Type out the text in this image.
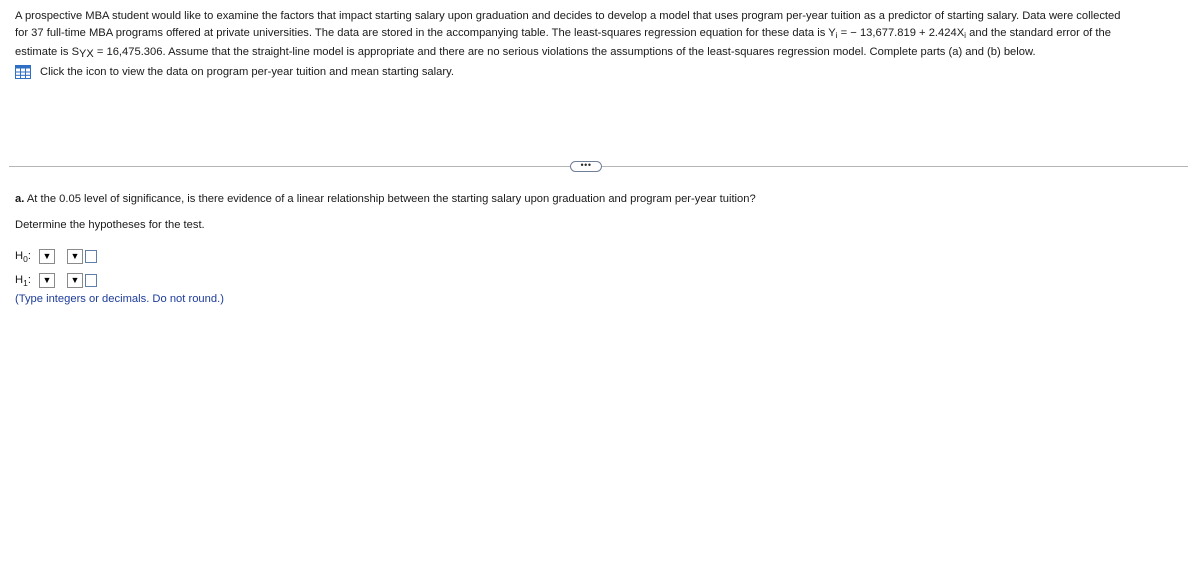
A prospective MBA student would like to examine the factors that impact starting salary upon graduation and decides to develop a model that uses program per-year tuition as a predictor of starting salary. Data were collected

for 37 full-time MBA programs offered at private universities. The data are stored in the accompanying table. The least-squares regression equation for these data is $Y_i$ = − $13,677.819 + 2.424X_i$ and the standard error of the

estimate is SYX = 16,475.306. Assume that the straight-line model is appropriate and there are no serious violations the assumptions of the least-squares regression model. Complete parts (a) and (b) below.

Click the icon to view the data on program per-year tuition and mean starting salary.
•••
a. At the 0.05 level of significance, is there evidence of a linear relationship between the starting salary upon graduation and program per-year tuition?
Determine the hypotheses for the test.
$H_0$:	▼ ▼
$H_1$:	▼ ▼
(Type integers or decimals. Do not round.)
